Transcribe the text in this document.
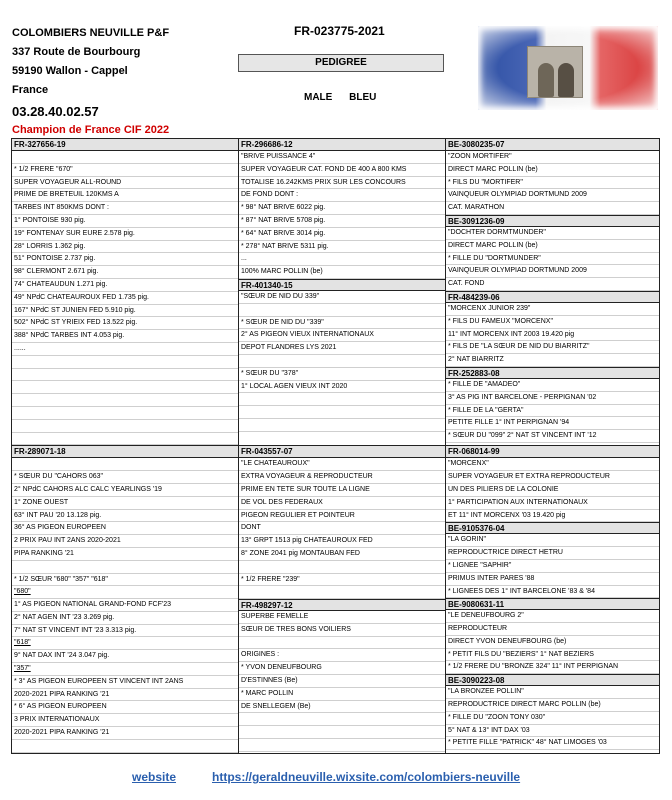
COLOMBIERS NEUVILLE P&F
337 Route de Bourbourg
59190 Wallon - Cappel
France
03.28.40.02.57
Champion de France CIF 2022
FR-023775-2021
PEDIGREE
MALE BLEU
FR-327656-19
* 1/2 FRERE "670"
SUPER VOYAGEUR ALL-ROUND
PRIME DE BRETEUIL 120KMS A
TARBES INT 850KMS DONT :
1° PONTOISE 930 pig.
19° FONTENAY SUR EURE 2.578 pig.
28° LORRIS 1.362 pig.
51° PONTOISE 2.737 pig.
98° CLERMONT 2.671 pig.
74° CHATEAUDUN 1.271 pig.
49° NPdC CHATEAUROUX FED 1.735 pig.
167° NPdC ST JUNIEN FED 5.910 pig.
502° NPdC ST YRIEIX FED 13.522 pig.
388° NPdC TARBES INT 4.053 pig.
......
FR-296686-12
"BRIVE PUISSANCE 4"
SUPER VOYAGEUR CAT. FOND DE 400 A 800 KMS
TOTALISE 16.242KMS PRIX SUR LES CONCOURS
DE FOND DONT :
* 98° NAT BRIVE 6022 pig.
* 87° NAT BRIVE 5708 pig.
* 64° NAT BRIVE 3014 pig.
* 278° NAT BRIVE 5311 pig.
...
100% MARC POLLIN (be)
FR-401340-15
"SŒUR DE NID DU 339"
* SŒUR DE NID DU "339"
2° AS PIGEON VIEUX INTERNATIONAUX
DEPOT FLANDRES LYS 2021
* SŒUR DU "378"
1° LOCAL AGEN VIEUX INT 2020
BE-3080235-07
"ZOON MORTIFER"
DIRECT MARC POLLIN (be)
* FILS DU "MORTIFER"
VAINQUEUR OLYMPIAD DORTMUND 2009
CAT. MARATHON
BE-3091236-09
"DOCHTER DORMTMUNDER"
DIRECT MARC POLLIN (be)
* FILLE DU "DORTMUNDER"
VAINQUEUR OLYMPIAD DORTMUND 2009
CAT. FOND
FR-484239-06
"MORCENX JUNIOR 239"
* FILS DU FAMEUX "MORCENX"
11° INT MORCENX INT 2003 19.420 pig
* FILS DE "LA SŒUR DE NID DU BIARRITZ"
2° NAT BIARRITZ
FR-252883-08
* FILLE DE "AMADEO"
3° AS PIG INT BARCELONE - PERPIGNAN '02
* FILLE DE LA "GERTA"
PETITE FILLE 1° INT PERPIGNAN '94
* SŒUR DU "099" 2° NAT ST VINCENT INT '12
FR-289071-18
* SŒUR DU "CAHORS 063"
2° NPdC CAHORS ALC CALC YEARLINGS '19
1° ZONE OUEST
63° INT PAU '20 13.128 pig.
36° AS PIGEON EUROPEEN
2 PRIX PAU INT 2ANS 2020-2021
PIPA RANKING '21
* 1/2 SŒUR "680" "357" "618"
"680"
1° AS PIGEON NATIONAL GRAND-FOND FCF'23
2° NAT AGEN INT '23 3.269 pig.
7° NAT ST VINCENT INT '23 3.313 pig.
"618"
9° NAT DAX INT '24 3.047 pig.
"357"
* 3° AS PIGEON EUROPEEN ST VINCENT INT 2ANS
2020-2021 PIPA RANKING '21
* 6° AS PIGEON EUROPEEN
3 PRIX INTERNATIONAUX
2020-2021 PIPA RANKING '21
FR-043557-07
"LE CHATEAUROUX"
EXTRA VOYAGEUR & REPRODUCTEUR
PRIME EN TETE SUR TOUTE LA LIGNE
DE VOL DES FEDERAUX
PIGEON REGULIER ET POINTEUR
DONT
13° GRPT 1513 pig CHATEAUROUX FED
8° ZONE 2041 pig MONTAUBAN FED
* 1/2 FRERE "239"
FR-498297-12
SUPERBE FEMELLE
SŒUR DE TRES BONS VOILIERS
ORIGINES :
* YVON DENEUFBOURG
D'ESTINNES (Be)
* MARC POLLIN
DE SNELLEGEM (Be)
FR-068014-99
"MORCENX"
SUPER VOYAGEUR ET EXTRA REPRODUCTEUR
UN DES PILIERS DE LA COLONIE
1° PARTICIPATION AUX INTERNATIONAUX
ET 11° INT MORCENX '03 19.420 pig
BE-9105376-04
"LA GORIN"
REPRODUCTRICE DIRECT HETRU
* LIGNEE "SAPHIR"
PRIMUS INTER PARES '88
* LIGNEES DES 1° INT BARCELONE '83 & '84
BE-9080631-11
"LE DENEUFBOURG 2"
REPRODUCTEUR
DIRECT YVON DENEUFBOURG (be)
* PETIT FILS DU "BEZIERS" 1° NAT BEZIERS
* 1/2 FRERE DU "BRONZE 324" 11° INT PERPIGNAN
BE-3090223-08
"LA BRONZEE POLLIN"
REPRODUCTRICE DIRECT MARC POLLIN (be)
* FILLE DU "ZOON TONY 030"
5° NAT & 13° INT DAX '03
* PETITE FILLE "PATRICK" 48° NAT LIMOGES '03
website	https://geraldneuville.wixsite.com/colombiers-neuville
